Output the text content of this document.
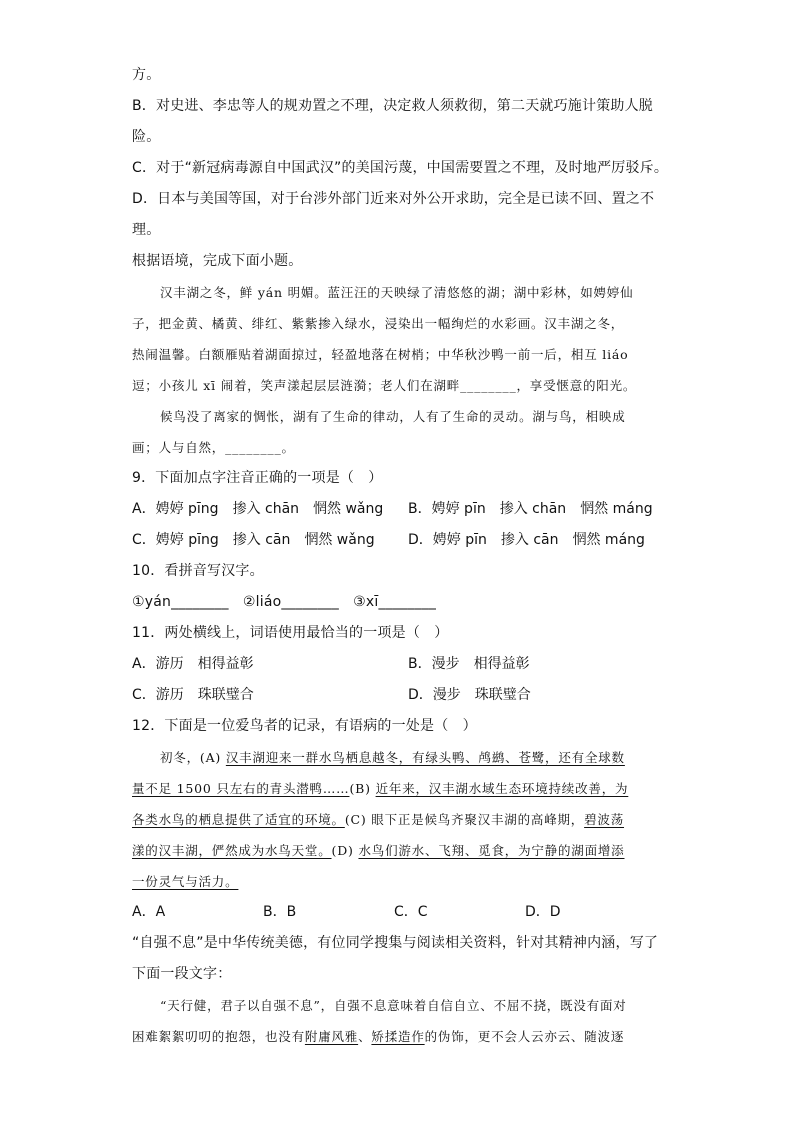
方。
B．对史进、李忠等人的规劝置之不理，决定救人须救彻，第二天就巧施计策助人脱
险。
C．对于“新冠病毒源自中国武汉”的美国污蔑，中国需要置之不理，及时地严厉驳斥。
D．日本与美国等国，对于台涉外部门近来对外公开求助，完全是已读不回、置之不
理。
根据语境，完成下面小题。
汉丰湖之冬，鲜 yán 明媚。蓝汪汪的天映绿了清悠悠的湖；湖中彩林，如娉婷仙
子，把金黄、橘黄、绯红、紫紫掺入绿水，浸染出一幅绚烂的水彩画。汉丰湖之冬，
热闹温馨。白额雁贴着湖面掠过，轻盈地落在树梢；中华秋沙鸭一前一后，相互 liáo
逗；小孩儿 xī 闹着，笑声漾起层层涟漪；老人们在湖畔________，享受惬意的阳光。
候鸟没了离家的惆怅，湖有了生命的律动，人有了生命的灵动。湖与鸟，相映成
画；人与自然，________。
9．下面加点字注音正确的一项是（　）
A．娉婷 pīng　掺入 chān　惘然 wǎng	B．娉婷 pīn　掺入 chān　惘然 máng
C．娉婷 pīng　掺入 cān　惘然 wǎng	D．娉婷 pīn　掺入 cān　惘然 máng
10．看拼音写汉字。
①yán________　②liáo________　③xī________
11．两处横线上，词语使用最恰当的一项是（　）
A．游历　相得益彰	B．漫步　相得益彰
C．游历　珠联璧合	D．漫步　珠联璧合
12．下面是一位爱鸟者的记录，有语病的一处是（　）
初冬，(A) 汉丰湖迎来一群水鸟栖息越冬，有绿头鸭、鸬鹚、苍鹭，还有全球数
量不足 1500 只左右的青头潜鸭……(B) 近年来，汉丰湖水域生态环境持续改善，为
各类水鸟的栖息提供了适宜的环境。(C) 眼下正是候鸟齐聚汉丰湖的高峰期，碧波荡
漾的汉丰湖，俨然成为水鸟天堂。(D) 水鸟们游水、飞翔、觅食，为宁静的湖面增添
一份灵气与活力。
A．A	B．B	C．C	D．D
“自强不息”是中华传统美德，有位同学搜集与阅读相关资料，针对其精神内涵，写了
下面一段文字：
“天行健，君子以自强不息”，自强不息意味着自信自立、不屈不挠，既没有面对
困难絮絮叨叨的抱怨，也没有附庸风雅、矫揉造作的伪饰，更不会人云亦云、随波逐
